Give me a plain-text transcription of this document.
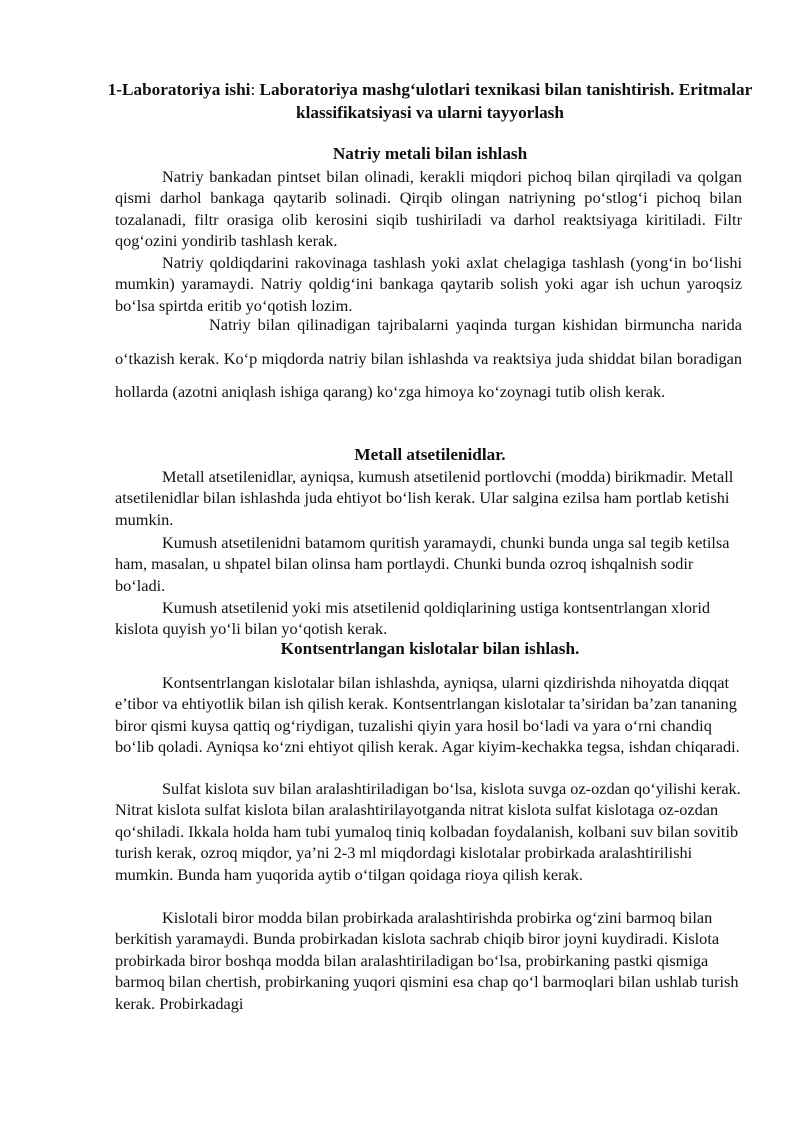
1-Laboratoriya ishi: Laboratoriya mashg‘ulotlari texnikasi bilan tanishtirish. Eritmalar klassifikatsiyasi va ularni tayyorlash
Natriy metali bilan ishlash

Natriy bankadan pintset bilan olinadi, kerakli miqdori pichoq bilan qirqiladi va qolgan qismi darhol bankaga qaytarib solinadi. Qirqib olingan natriyning po‘stlog‘i pichoq bilan tozalanadi, filtr orasiga olib kerosini siqib tushiriladi va darhol reaktsiyaga kiritiladi. Filtr qog‘ozini yondirib tashlash kerak.

Natriy qoldiqdarini rakovinaga tashlash yoki axlat chelagiga tashlash (yong‘in bo‘lishi mumkin) yaramaydi. Natriy qoldig‘ini bankaga qaytarib solish yoki agar ish uchun yaroqsiz bo‘lsa spirtda eritib yo‘qotish lozim.

Natriy bilan qilinadigan tajribalarni yaqinda turgan kishidan birmuncha narida o‘tkazish kerak. Ko‘p miqdorda natriy bilan ishlashda va reaktsiya juda shiddat bilan boradigan hollarda (azotni aniqlash ishiga qarang) ko‘zga himoya ko‘zoynagi tutib olish kerak.

Metall atsetilenidlar.

Metall atsetilenidlar, ayniqsa, kumush atsetilenid portlovchi (modda) birikmadir. Metall atsetilenidlar bilan ishlashda juda ehtiyot bo‘lish kerak. Ular salgina ezilsa ham portlab ketishi mumkin.

Kumush atsetilenidni batamom quritish yaramaydi, chunki bunda unga sal tegib ketilsa ham, masalan, u shpatel bilan olinsa ham portlaydi. Chunki bunda ozroq ishqalnish sodir bo‘ladi.

Kumush atsetilenid yoki mis atsetilenid qoldiqlarining ustiga kontsentrlangan xlorid kislota quyish yo‘li bilan yo‘qotish kerak.

Kontsentrlangan kislotalar bilan ishlash.

Kontsentrlangan kislotalar bilan ishlashda, ayniqsa, ularni qizdirishda nihoyatda diqqat e’tibor va ehtiyotlik bilan ish qilish kerak. Kontsentrlangan kislotalar ta’siridan ba’zan tananing biror qismi kuysa qattiq og‘riydigan, tuzalishi qiyin yara hosil bo‘ladi va yara o‘rni chandiq bo‘lib qoladi. Ayniqsa ko‘zni ehtiyot qilish kerak. Agar kiyim-kechakka tegsa, ishdan chiqaradi.

Sulfat kislota suv bilan aralashtiriladigan bo‘lsa, kislota suvga oz-ozdan qo‘yilishi kerak. Nitrat kislota sulfat kislota bilan aralashtirilayotganda nitrat kislota sulfat kislotaga oz-ozdan qo‘shiladi. Ikkala holda ham tubi yumaloq tiniq kolbadan foydalanish, kolbani suv bilan sovitib turish kerak, ozroq miqdor, ya’ni 2-3 ml miqdordagi kislotalar probirkada aralashtirilishi mumkin. Bunda ham yuqorida aytib o‘tilgan qoidaga rioya qilish kerak.

Kislotali biror modda bilan probirkada aralashtirishda probirka og‘zini barmoq bilan berkitish yaramaydi. Bunda probirkadan kislota sachrab chiqib biror joyni kuydiradi. Kislota probirkada biror boshqa modda bilan aralashtiriladigan bo‘lsa, probirkaning pastki qismiga barmoq bilan chertish, probirkaning yuqori qismini esa chap qo‘l barmoqlari bilan ushlab turish kerak. Probirkadagi
